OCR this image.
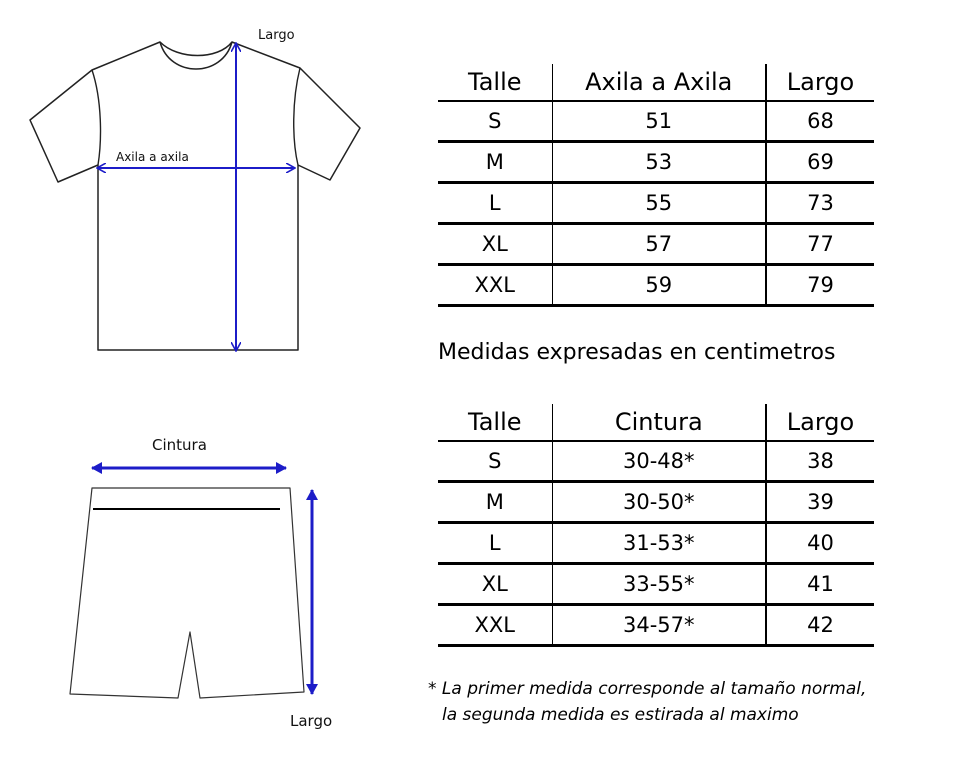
Largo
Axila a axila
Cintura
Largo
Talle	Axila a Axila	Largo
S	51	68
M	53	69
L	55	73
XL	57	77
XXL	59	79
Medidas expresadas en centimetros
Talle	Cintura	Largo
S	30-48*	38
M	30-50*	39
L	31-53*	40
XL	33-55*	41
XXL	34-57*	42
* La primer medida corresponde al tamaño normal,
la segunda medida es estirada al maximo
